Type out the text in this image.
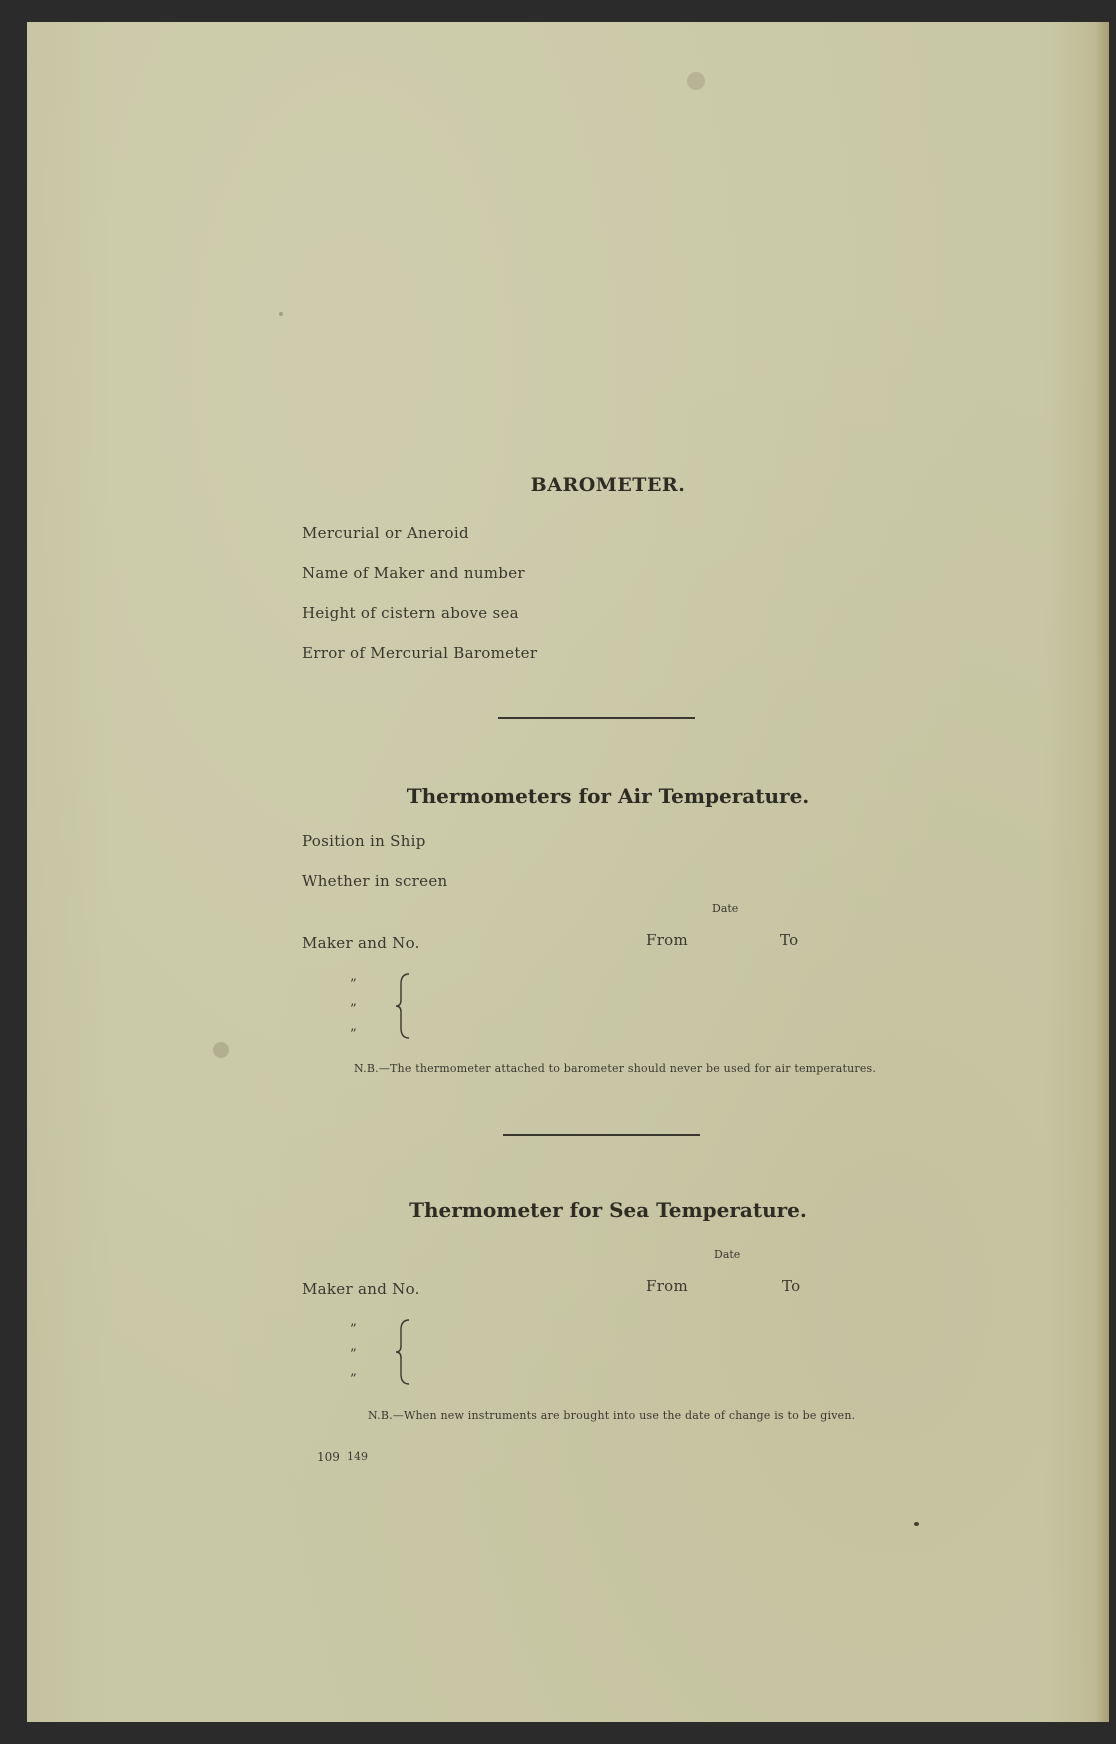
BAROMETER.
Mercurial or Aneroid
Name of Maker and number
Height of cistern above sea
Error of Mercurial Barometer
Thermometers for Air Temperature.
Position in Ship
Whether in screen
Date
Maker and No.	From	To
”
”
”
N.B.—The thermometer attached to barometer should never be used for air temperatures.
Thermometer for Sea Temperature.
Date
Maker and No.	From	To
”
”
”
N.B.—When new instruments are brought into use the date of change is to be given.
109 149
